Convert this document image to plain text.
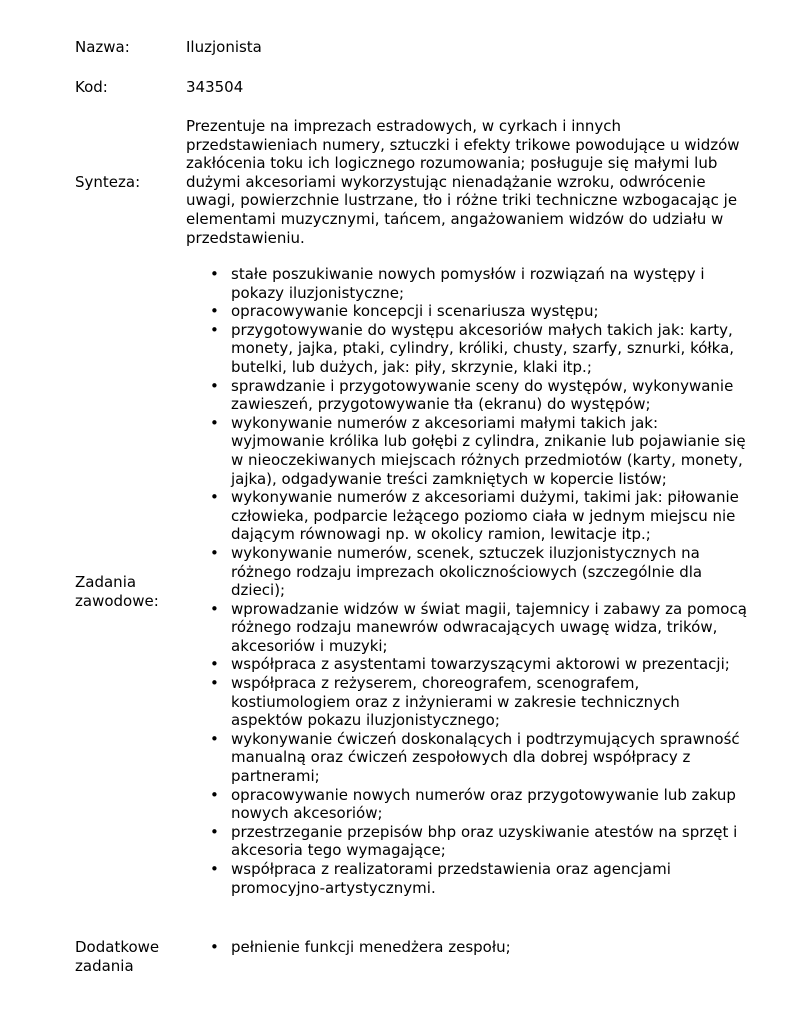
Nazwa:	Iluzjonista
Kod:	343504
Synteza:
Prezentuje na imprezach estradowych, w cyrkach i innych przedstawieniach numery, sztuczki i efekty trikowe powodujące u widzów zakłócenia toku ich logicznego rozumowania; posługuje się małymi lub dużymi akcesoriami wykorzystując nienadążanie wzroku, odwrócenie uwagi, powierzchnie lustrzane, tło i różne triki techniczne wzbogacając je elementami muzycznymi, tańcem, angażowaniem widzów do udziału w przedstawieniu.
Zadania zawodowe:
• stałe poszukiwanie nowych pomysłów i rozwiązań na występy i pokazy iluzjonistyczne;
• opracowywanie koncepcji i scenariusza występu;
• przygotowywanie do występu akcesoriów małych takich jak: karty, monety, jajka, ptaki, cylindry, króliki, chusty, szarfy, sznurki, kółka, butelki, lub dużych, jak: piły, skrzynie, klaki itp.;
• sprawdzanie i przygotowywanie sceny do występów, wykonywanie zawieszeń, przygotowywanie tła (ekranu) do występów;
• wykonywanie numerów z akcesoriami małymi takich jak: wyjmowanie królika lub gołębi z cylindra, znikanie lub pojawianie się w nieoczekiwanych miejscach różnych przedmiotów (karty, monety, jajka), odgadywanie treści zamkniętych w kopercie listów;
• wykonywanie numerów z akcesoriami dużymi, takimi jak: piłowanie człowieka, podparcie leżącego poziomo ciała w jednym miejscu nie dającym równowagi np. w okolicy ramion, lewitacje itp.;
• wykonywanie numerów, scenek, sztuczek iluzjonistycznych na różnego rodzaju imprezach okolicznościowych (szczególnie dla dzieci);
• wprowadzanie widzów w świat magii, tajemnicy i zabawy za pomocą różnego rodzaju manewrów odwracających uwagę widza, trików, akcesoriów i muzyki;
• współpraca z asystentami towarzyszącymi aktorowi w prezentacji;
• współpraca z reżyserem, choreografem, scenografem, kostiumologiem oraz z inżynierami w zakresie technicznych aspektów pokazu iluzjonistycznego;
• wykonywanie ćwiczeń doskonalących i podtrzymujących sprawność manualną oraz ćwiczeń zespołowych dla dobrej współpracy z partnerami;
• opracowywanie nowych numerów oraz przygotowywanie lub zakup nowych akcesoriów;
• przestrzeganie przepisów bhp oraz uzyskiwanie atestów na sprzęt i akcesoria tego wymagające;
• współpraca z realizatorami przedstawienia oraz agencjami promocyjno-artystycznymi.
Dodatkowe zadania
• pełnienie funkcji menedżera zespołu;
